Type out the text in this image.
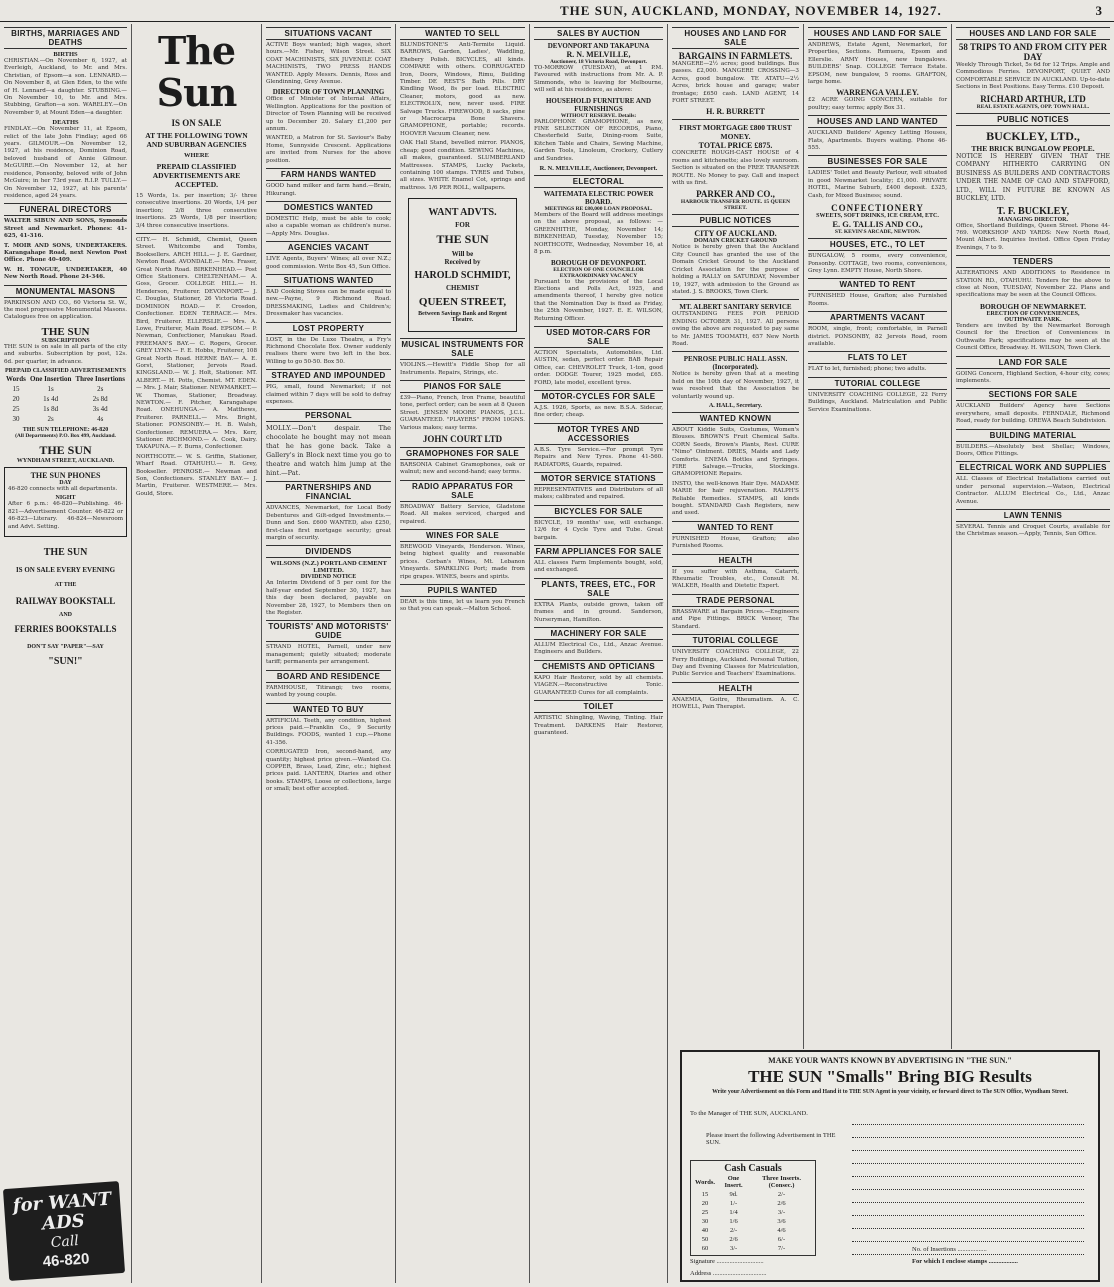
THE SUN, AUCKLAND, MONDAY, NOVEMBER 14, 1927.	3
BIRTHS, MARRIAGES AND DEATHS
BIRTHS

CHRISTIAN.—On November 6, 1927, at Everleigh, Auckland, to Mr. and Mrs. Christian, of Epsom—a son. LENNARD.—On November 8, at Glen Eden, to the wife of H. Lennard—a daughter. STUBBING.—On November 10, to Mr. and Mrs. Stubbing, Grafton—a son. WARELEY.—On November 9, at Mount Eden—a daughter.

DEATHS

FINDLAY.—On November 11, at Epsom, relict of the late John Findlay; aged 66 years. GILMOUR.—On November 12, 1927, at his residence, Dominion Road, beloved husband of Annie Gilmour. McGUIRE.—On November 12, at her residence, Ponsonby, beloved wife of John McGuire; in her 73rd year. R.I.P. TULLY.—On November 12, 1927, at his parents' residence, aged 24 years.

FUNERAL DIRECTORS

WALTER SIBUN AND SONS, Symonds Street and Newmarket. Phones: 41-625, 41-316.

T. MOIR AND SONS, UNDERTAKERS. Karangahape Road, next Newton Post Office. Phone 40-409.

W. H. TONGUE, UNDERTAKER, 40 New North Road. Phone 24-346.

MONUMENTAL MASONS

PARKINSON AND CO., 60 Victoria St. W., the most progressive Monumental Masons. Catalogues free on application.

THE SUN
SUBSCRIPTIONS

THE SUN is on sale in all parts of the city and suburbs. Subscription by post, 12s. 6d. per quarter, in advance.

PREPAID CLASSIFIED ADVERTISEMENTS
Words	One Insertion	Three Insertions
15	1s	2s
20	1s 4d	2s 8d
25	1s 8d	3s 4d
30	2s	4s
THE SUN TELEPHONE: 46-820
(All Departments) P.O. Box 499, Auckland.
THE SUN
WYNDHAM STREET, AUCKLAND.
THE SUN PHONES
DAY

46-820 connects with all departments.

NIGHT

After 6 p.m.: 46-820—Publishing. 46-821—Advertisement Counter. 46-822 or 46-823—Literary. 46-824—Newsroom and Advt. Setting.

THE SUN
IS ON SALE EVERY EVENING
AT THE
RAILWAY BOOKSTALL
AND
FERRIES BOOKSTALLS
DON'T SAY "PAPER"—SAY
"SUN!"
for WANT ADS
Call
46-820
The Sun
IS ON SALE
AT THE FOLLOWING TOWN
AND SUBURBAN AGENCIES
WHERE
PREPAID CLASSIFIED
ADVERTISEMENTS ARE
ACCEPTED.

15 Words, 1s. per insertion; 3/- three consecutive insertions. 20 Words, 1/4 per insertion; 2/8 three consecutive insertions. 25 Words, 1/8 per insertion; 3/4 three consecutive insertions.

CITY.— H. Schmidt, Chemist, Queen Street. Whitcombe and Tombs, Booksellers. ARCH HILL.— J. E. Gardner, Newton Road. AVONDALE.— Mrs. Fraser, Great North Road. BIRKENHEAD.— Post Office Stationers. CHELTENHAM.— A. Goss, Grocer. COLLEGE HILL.— H. Henderson, Fruiterer. DEVONPORT.— J. C. Douglas, Stationer, 26 Victoria Road. DOMINION ROAD.— F. Crosdon, Confectioner. EDEN TERRACE.— Mrs. Bird, Fruiterer. ELLERSLIE.— Mrs. A. Lowe, Fruiterer, Main Road. EPSOM.— P. Newman, Confectioner, Manukau Road. FREEMAN'S BAY.— C. Rogers, Grocer. GREY LYNN.— F. E. Hobbs, Fruiterer, 108 Great North Road. HERNE BAY.— A. E. Gorst, Stationer, Jervois Road. KINGSLAND.— W. J. Holt, Stationer. MT. ALBERT.— H. Potts, Chemist. MT. EDEN.— Mrs. J. Mair, Stationer. NEWMARKET.— W. Thomas, Stationer, Broadway. NEWTON.— F. Pitcher, Karangahape Road. ONEHUNGA.— A. Matthews, Fruiterer. PARNELL.— Mrs. Bright, Stationer. PONSONBY.— H. B. Walsh, Confectioner. REMUERA.— Mrs. Kerr, Stationer. RICHMOND.— A. Cook, Dairy. TAKAPUNA.— F. Burns, Confectioner.

NORTHCOTE.— W. S. Griffin, Stationer, Wharf Road. OTAHUHU.— R. Grey, Bookseller. PENROSE.— Newman and Son, Confectioners. STANLEY BAY.— J. Martin, Fruiterer. WESTMERE.— Mrs. Gould, Store.

SITUATIONS VACANT

ACTIVE Boys wanted; high wages, short hours.—Mr. Fisher, Wilson Street. SIX COAT MACHINISTS, SIX JUVENILE COAT MACHINISTS, TWO PRESS HANDS WANTED. Apply Messrs. Dennis, Ross and Glendinning, Grey Avenue.

DIRECTOR OF TOWN PLANNING

Office of Minister of Internal Affairs, Wellington. Applications for the position of Director of Town Planning will be received up to December 20. Salary £1,200 per annum.

WANTED, a Matron for St. Saviour's Baby Home, Sunnyside Crescent. Applications are invited from Nurses for the above position.

FARM HANDS WANTED

GOOD hand milker and farm hand.—Brain, Hikurangi.

DOMESTICS WANTED

DOMESTIC Help, must be able to cook; also a capable woman as children's nurse.—Apply Mrs. Douglas.

AGENCIES VACANT

LIVE Agents, Buyers' Wines; all over N.Z.; good commission. Write Box 45, Sun Office.

SITUATIONS WANTED

BAD Cooking Stoves can be made equal to new.—Payne, 9 Richmond Road. DRESSMAKING, Ladies and Children's; Dressmaker has vacancies.

LOST PROPERTY

LOST, in the De Luxe Theatre, a Fry's Richmond Chocolate Box. Owner suddenly realises there were two left in the box. Willing to go 50-50. Box 50.

STRAYED AND IMPOUNDED

PIG, small, found Newmarket; if not claimed within 7 days will be sold to defray expenses.

PERSONAL

MOLLY.—Don't despair. The chocolate he bought may not mean that he has gone back. Take a Gallery's in Block next time you go to theatre and watch him jump at the hint.—Pat.

PARTNERSHIPS AND FINANCIAL

ADVANCES, Newmarket, for Local Body Debentures and Gilt-edged Investments.—Dunn and Son. £600 WANTED, also £250, first-class first mortgage security; great margin of security.

DIVIDENDS
WILSONS (N.Z.) PORTLAND CEMENT LIMITED.
DIVIDEND NOTICE

An Interim Dividend of 5 per cent for the half-year ended September 30, 1927, has this day been declared, payable on November 28, 1927, to Members then on the Register.

TOURISTS' AND MOTORISTS' GUIDE

STRAND HOTEL, Parnell, under new management; quietly situated; moderate tariff; permanents per arrangement.

BOARD AND RESIDENCE

FARMHOUSE, Titirangi; two rooms, wanted by young couple.

WANTED TO BUY

ARTIFICIAL Teeth, any condition, highest prices paid.—Franklin Co., 9 Security Buildings. FOODS, wanted 1 cup.—Phone 41-356.

CORRUGATED Iron, second-hand, any quantity; highest price given.—Wanted Co. COPPER, Brass, Lead, Zinc, etc.; highest prices paid. LANTERN, Diaries and other books. STAMPS, Loose or collections, large or small; best offer accepted.

WANTED TO SELL

BLUNDSTONE'S Anti-Termite Liquid. BARROWS, Garden, Ladies', Waddling, Ehebery Polish. BICYCLES, all kinds. COMPARE with others. CORRUGATED Iron, Doors, Windows, Rimu, Building Timber. DE REST'S Bath Pills. DRY Kindling Wood, 8s per load. ELECTRIC Cleaner, motors, good as new. ELECTROLUX, new, never used. FIRE Salvage Trucks. FIREWOOD, 8 sacks, pine or Macrocarpa Bone Shavers. GRAMOPHONE, portable; records. HOOVER Vacuum Cleaner, new.

OAK Hall Stand, bevelled mirror. PIANOS, cheap; good condition. SEWING Machines, all makes, guaranteed. SLUMBERLAND Mattresses. STAMPS, Lucky Packets, containing 100 stamps. TYRES and Tubes, all sizes. WHITE Enamel Cot, springs and mattress. 1/6 PER ROLL, wallpapers.

WANT ADVTS.
FOR
THE SUN
Will be
Received by
HAROLD SCHMIDT,
CHEMIST
QUEEN STREET,
Between Savings Bank and Regent Theatre.
MUSICAL INSTRUMENTS FOR SALE

VIOLINS.—Hewitt's Fiddle Shop for all Instruments. Repairs, Strings, etc.

PIANOS FOR SALE

£39—Piano, French, Iron Frame, beautiful tone, perfect order; can be seen at 8 Queen Street. JENSEN MOORE PIANOS, J.C.L. GUARANTEED. "PLAYERS" FROM 10GNS. Various makes; easy terms.

JOHN COURT LTD
GRAMOPHONES FOR SALE

BARSONIA Cabinet Gramophones, oak or walnut; new and second-hand; easy terms.

RADIO APPARATUS FOR SALE

BROADWAY Battery Service, Gladstone Road. All makes serviced, charged and repaired.

WINES FOR SALE

BREWOOD Vineyards, Henderson. Wines, being highest quality and reasonable prices. Corban's Wines, Mt. Lebanon Vineyards. SPARKLING Port; made from ripe grapes. WINES, beers and spirits.

PUPILS WANTED

DEAR is this time, let us learn you French so that you can speak.—Malton School.

SALES BY AUCTION
DEVONPORT AND TAKAPUNA
R. N. MELVILLE,
Auctioneer, 18 Victoria Road, Devonport.

TO-MORROW (TUESDAY), at 1 P.M. Favoured with instructions from Mr. A. P. Simmonds, who is leaving for Melbourne, will sell at his residence, as above:

HOUSEHOLD FURNITURE AND FURNISHINGS
WITHOUT RESERVE. Details:

PARLOPHONE GRAMOPHONE, as new, FINE SELECTION OF RECORDS, Piano, Chesterfield Suite, Dining-room Suite, Kitchen Table and Chairs, Sewing Machine, Garden Tools, Linoleum, Crockery, Cutlery and Sundries.

R. N. MELVILLE, Auctioneer, Devonport.
ELECTORAL
WAITEMATA ELECTRIC POWER BOARD.
MEETINGS RE £80,000 LOAN PROPOSAL.

Members of the Board will address meetings on the above proposal, as follows: — GREENHITHE, Monday, November 14; BIRKENHEAD, Tuesday, November 15; NORTHCOTE, Wednesday, November 16, at 8 p.m.

BOROUGH OF DEVONPORT.
ELECTION OF ONE COUNCILLOR EXTRAORDINARY VACANCY

Pursuant to the provisions of the Local Elections and Polls Act, 1925, and amendments thereof, I hereby give notice that the Nomination Day is fixed as Friday, the 25th November, 1927. E. E. WILSON, Returning Officer.

USED MOTOR-CARS FOR SALE

ACTION Specialists, Automobiles, Ltd. AUSTIN, sedan, perfect order. BAB Repair Office, car. CHEVROLET Truck, 1-ton, good order. DODGE Tourer, 1925 model, £65. FORD, late model, excellent tyres.

MOTOR-CYCLES FOR SALE

A.J.S. 1926, Sports, as new. B.S.A. Sidecar, fine order; cheap.

MOTOR TYRES AND ACCESSORIES

A.B.S. Tyre Service.—For prompt Tyre Repairs and New Tyres. Phone 41-560. RADIATORS, Guards, repaired.

MOTOR SERVICE STATIONS

REPRESENTATIVES and Distributors of all makes; calibrated and repaired.

BICYCLES FOR SALE

BICYCLE, 19 months' use, will exchange. 12/6 for 4 Cycle Tyre and Tube. Great bargain.

FARM APPLIANCES FOR SALE

ALL classes Farm Implements bought, sold, and exchanged.

PLANTS, TREES, ETC., FOR SALE

EXTRA Plants, outside grown, taken off frames and in ground. Sanderson, Nurseryman, Hamilton.

MACHINERY FOR SALE

ALLUM Electrical Co., Ltd., Anzac Avenue. Engineers and Builders.

CHEMISTS AND OPTICIANS

KAPO Hair Restorer, sold by all chemists. VIAGEN.—Reconstructive Tonic. GUARANTEED Cures for all complaints.

TOILET

ARTISTIC Shingling, Waving, Tinting. Hair Treatment. DARKENS Hair Restorer, guaranteed.

HOUSES AND LAND FOR SALE
BARGAINS IN FARMLETS.

MANGERE—2½ acres; good buildings. Bus passes. £2,000. MANGERE CROSSING—3 Acres, good bungalow. TE ATATU—2½ Acres, brick house and garage; water frontage; £650 cash. LAND AGENT, 14 FORT STREET.

H. R. BURRETT
FIRST MORTGAGE £800 TRUST MONEY.
TOTAL PRICE £875.

CONCRETE ROUGH-CAST HOUSE of 4 rooms and kitchenette; also lovely sunroom. Section is situated on the FREE TRANSFER ROUTE. No Money to pay. Call and inspect with us first.

PARKER AND CO.,
HARBOUR TRANSFER ROUTE. 15 QUEEN STREET.
PUBLIC NOTICES
CITY OF AUCKLAND.
DOMAIN CRICKET GROUND

Notice is hereby given that the Auckland City Council has granted the use of the Domain Cricket Ground to the Auckland Cricket Association for the purpose of holding a RALLY on SATURDAY, November 19, 1927, with admission to the Ground as stated. J. S. BROOKS, Town Clerk.

MT. ALBERT SANITARY SERVICE

OUTSTANDING FEES FOR PERIOD ENDING OCTOBER 31, 1927. All persons owing the above are requested to pay same to Mr. JAMES TOOMATH, 657 New North Road.

PENROSE PUBLIC HALL ASSN. (Incorporated).

Notice is hereby given that at a meeting held on the 10th day of November, 1927, it was resolved that the Association be voluntarily wound up.

A. HALL, Secretary.
WANTED KNOWN

ABOUT Kiddie Suits, Costumes, Women's Blouses. BROWN'S Fruit Chemical Salts. CORN Seeds, Brown's Plants, Rest. CURE "Nimo" Ointment. DRIES, Maids and Lady Comforts. ENEMA Bottles and Syringes. FIRE Salvage.—Trucks, Stockings. GRAMOPHONE Repairs.

INSTO, the well-known Hair Dye. MADAME MARIE for hair rejuvenation. RALPH'S Reliable Remedies. STAMPS, all kinds bought. STANDARD Cash Registers, new and used.

WANTED TO RENT

FURNISHED House, Grafton; also Furnished Rooms.

HEALTH

If you suffer with Asthma, Catarrh, Rheumatic Troubles, etc., Consult M. WALKER, Health and Dietetic Expert.

TRADE PERSONAL

BRASSWARE at Bargain Prices.—Engineers and Pipe Fittings. BRICK Veneer, The Standard.

TUTORIAL COLLEGE

UNIVERSITY COACHING COLLEGE, 22 Ferry Buildings, Auckland. Personal Tuition, Day and Evening Classes for Matriculation, Public Service and Teachers' Examinations.

HEALTH

ANAEMIA, Goitre, Rheumatism. A. C. HOWELL, Pain Therapist.

HOUSES AND LAND FOR SALE

ANDREWS, Estate Agent, Newmarket, for Properties, Sections. Remuera, Epsom and Ellerslie. ARMY Houses, new bungalows. BUILDERS' Snap. COLLEGE Terrace Estate. EPSOM, new bungalow, 5 rooms. GRAFTON, large home.

WARRENGA VALLEY.

£2 ACRE GOING CONCERN, suitable for poultry; easy terms; apply Box 31.

HOUSES AND LAND WANTED

AUCKLAND Builders' Agency Letting Houses, Flats, Apartments. Buyers waiting. Phone 46-555.

BUSINESSES FOR SALE

LADIES' Toilet and Beauty Parlour, well situated in good Newmarket locality; £1,000. PRIVATE HOTEL, Marine Suburb, £400 deposit. £325, Cash, for Mixed Business; sound.

CONFECTIONERY
SWEETS, SOFT DRINKS, ICE CREAM, ETC.
E. G. TALLIS AND CO.,
ST. KEVIN'S ARCADE, NEWTON.
HOUSES, ETC., TO LET

BUNGALOW, 5 rooms, every convenience, Ponsonby. COTTAGE, two rooms, conveniences, Grey Lynn. EMPTY House, North Shore.

WANTED TO RENT

FURNISHED House, Grafton; also Furnished Rooms.

APARTMENTS VACANT

ROOM, single, front; comfortable, in Parnell district. PONSONBY, 82 Jervois Road, room available.

FLATS TO LET

FLAT to let, furnished; phone; two adults.

TUTORIAL COLLEGE

UNIVERSITY COACHING COLLEGE, 22 Ferry Buildings, Auckland. Matriculation and Public Service Examinations.

HOUSES AND LAND FOR SALE
58 TRIPS TO AND FROM CITY PER DAY

Weekly Through Ticket, 5s 6d for 12 Trips. Ample and Commodious Ferries. DEVONPORT, QUIET AND COMFORTABLE SERVICE IN AUCKLAND. Up-to-date Sections in Best Positions. Easy Terms. £10 Deposit.

RICHARD ARTHUR, LTD
REAL ESTATE AGENTS, OPP. TOWN HALL.
PUBLIC NOTICES
BUCKLEY, LTD.,
THE BRICK BUNGALOW PEOPLE.

NOTICE IS HEREBY GIVEN THAT THE COMPANY HITHERTO CARRYING ON BUSINESS AS BUILDERS AND CONTRACTORS UNDER THE NAME OF CAO AND STAFFORD, LTD., WILL IN FUTURE BE KNOWN AS BUCKLEY, LTD.

T. F. BUCKLEY,
MANAGING DIRECTOR.

Office, Shortland Buildings, Queen Street. Phone 44-769. WORKSHOP AND YARDS: New North Road, Mount Albert. Inquiries Invited. Office Open Friday Evenings, 7 to 9.

TENDERS

ALTERATIONS AND ADDITIONS to Residence in STATION RD., OTAHUHU. Tenders for the above to close at Noon, TUESDAY, November 22. Plans and specifications may be seen at the Council Offices.

BOROUGH OF NEWMARKET.
ERECTION OF CONVENIENCES,
OUTHWAITE PARK.

Tenders are invited by the Newmarket Borough Council for the Erection of Conveniences in Outhwaite Park; specifications may be seen at the Council Office, Broadway. H. WILSON, Town Clerk.

LAND FOR SALE

GOING Concern, Highland Section, 4-hour city, cows; implements.

SECTIONS FOR SALE

AUCKLAND Builders' Agency have Sections everywhere, small deposits. FERNDALE, Richmond Road, ready for building. OREWA Beach Subdivision.

BUILDING MATERIAL

BUILDERS.—Absolutely best Shellac; Windows, Doors, Office Fittings.

ELECTRICAL WORK AND SUPPLIES

ALL Classes of Electrical Installations carried out under personal supervision.—Watson, Electrical Contractor. ALLUM Electrical Co., Ltd., Anzac Avenue.

LAWN TENNIS

SEVERAL Tennis and Croquet Courts, available for the Christmas season.—Apply, Tennis, Sun Office.

MAKE YOUR WANTS KNOWN BY ADVERTISING IN "THE SUN."
THE SUN "Smalls" Bring BIG Results
Write your Advertisement on this Form and Hand it to THE SUN Agent in your vicinity, or forward direct to The SUN Office, Wyndham Street.
To the Manager of THE SUN, AUCKLAND.
Please insert the following Advertisement in THE SUN.
Cash Casuals
Words.	One Insert.	Three Inserts. (Consec.)
15	9d.	2/-
20	1/-	2/6
25	1/4	3/-
30	1/6	3/6
40	2/-	4/6
50	2/6	6/-
60	3/-	7/-	No. of Insertions ..................
Signature .............................	For which I enclose stamps ..................
Address .................................
